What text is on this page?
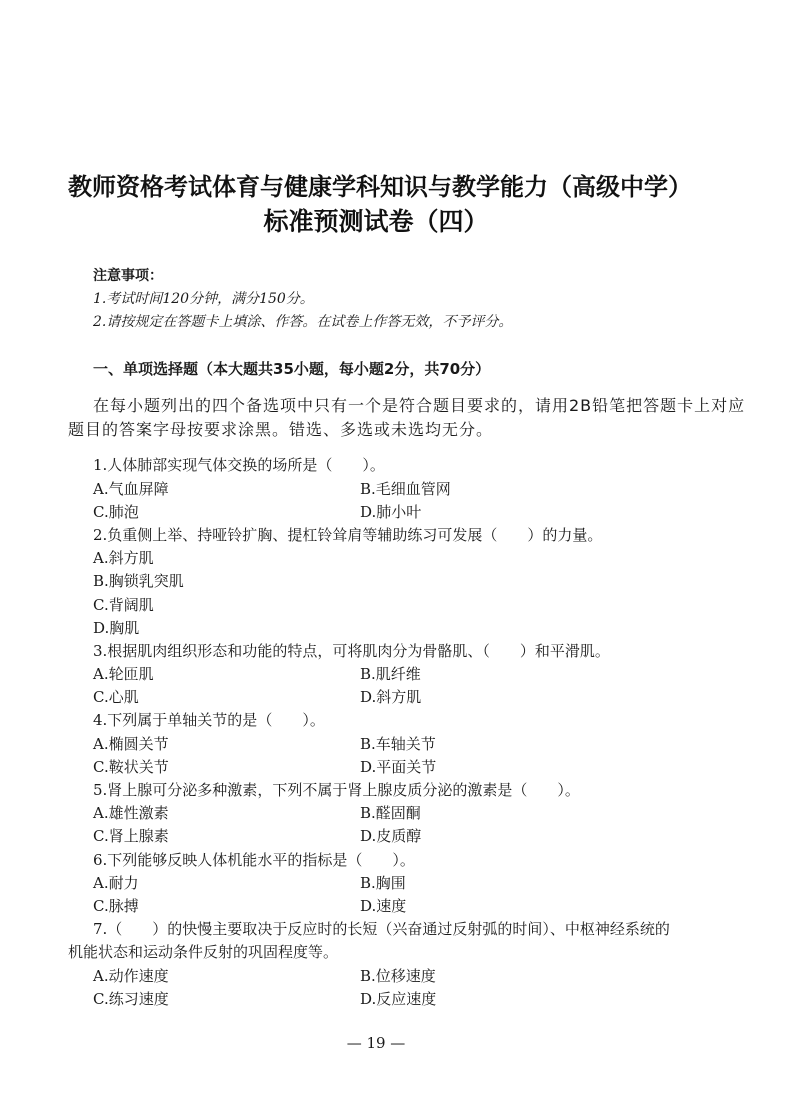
教师资格考试体育与健康学科知识与教学能力（高级中学）
标准预测试卷（四）
注意事项：
1.考试时间120分钟，满分150分。
2.请按规定在答题卡上填涂、作答。在试卷上作答无效，不予评分。
一、单项选择题（本大题共35小题，每小题2分，共70分）
在每小题列出的四个备选项中只有一个是符合题目要求的，请用2B铅笔把答题卡上对应
题目的答案字母按要求涂黑。错选、多选或未选均无分。
1.人体肺部实现气体交换的场所是（　　）。
A.气血屏障	B.毛细血管网
C.肺泡	D.肺小叶
2.负重侧上举、持哑铃扩胸、提杠铃耸肩等辅助练习可发展（　　）的力量。
A.斜方肌
B.胸锁乳突肌
C.背阔肌
D.胸肌
3.根据肌肉组织形态和功能的特点，可将肌肉分为骨骼肌、（　　）和平滑肌。
A.轮匝肌	B.肌纤维
C.心肌	D.斜方肌
4.下列属于单轴关节的是（　　）。
A.椭圆关节	B.车轴关节
C.鞍状关节	D.平面关节
5.肾上腺可分泌多种激素，下列不属于肾上腺皮质分泌的激素是（　　）。
A.雄性激素	B.醛固酮
C.肾上腺素	D.皮质醇
6.下列能够反映人体机能水平的指标是（　　）。
A.耐力	B.胸围
C.脉搏	D.速度
7.（　　）的快慢主要取决于反应时的长短（兴奋通过反射弧的时间）、中枢神经系统的
机能状态和运动条件反射的巩固程度等。
A.动作速度	B.位移速度
C.练习速度	D.反应速度
— 19 —
